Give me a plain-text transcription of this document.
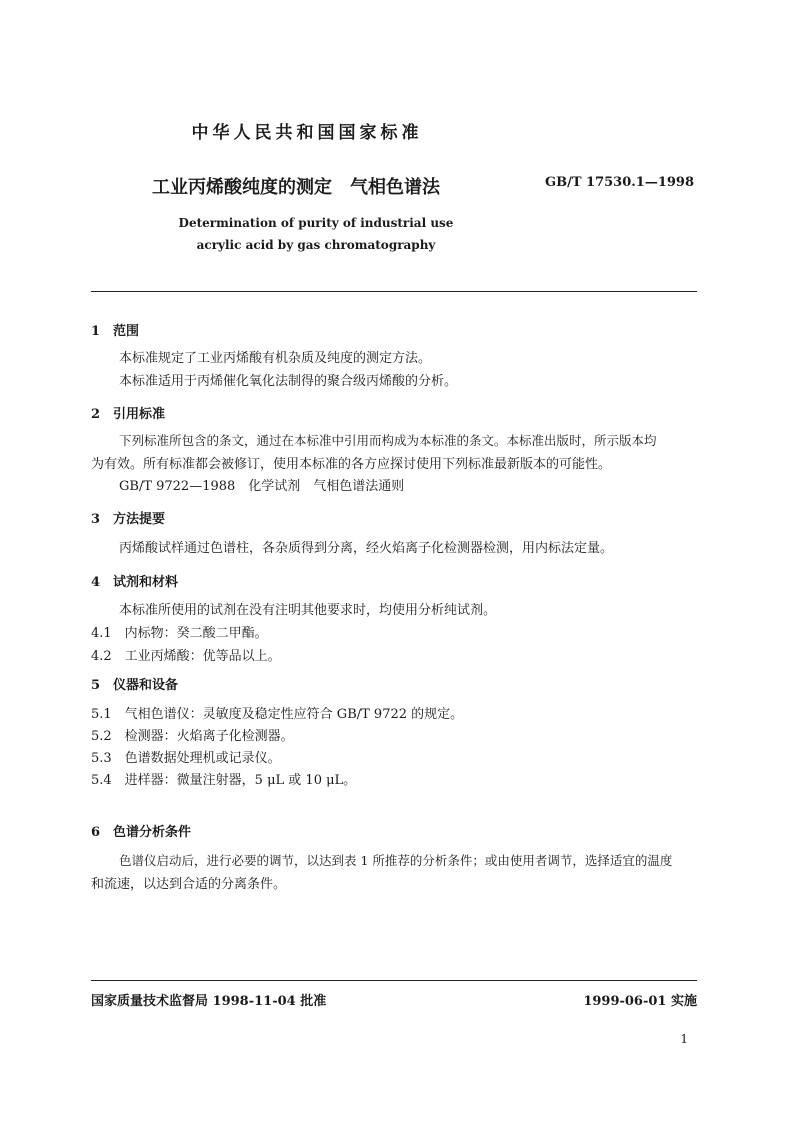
中华人民共和国国家标准
工业丙烯酸纯度的测定　气相色谱法	GB/T 17530.1—1998
Determination of purity of industrial use
acrylic acid by gas chromatography
1　范围
本标准规定了工业丙烯酸有机杂质及纯度的测定方法。
本标准适用于丙烯催化氧化法制得的聚合级丙烯酸的分析。
2　引用标准
下列标准所包含的条文，通过在本标准中引用而构成为本标准的条文。本标准出版时，所示版本均
为有效。所有标准都会被修订，使用本标准的各方应探讨使用下列标准最新版本的可能性。
GB/T 9722—1988　化学试剂　气相色谱法通则
3　方法提要
丙烯酸试样通过色谱柱，各杂质得到分离，经火焰离子化检测器检测，用内标法定量。
4　试剂和材料
本标准所使用的试剂在没有注明其他要求时，均使用分析纯试剂。
4.1　内标物：癸二酸二甲酯。
4.2　工业丙烯酸：优等品以上。
5　仪器和设备
5.1　气相色谱仪：灵敏度及稳定性应符合 GB/T 9722 的规定。
5.2　检测器：火焰离子化检测器。
5.3　色谱数据处理机或记录仪。
5.4　进样器：微量注射器，5 μL 或 10 μL。
6　色谱分析条件
色谱仪启动后，进行必要的调节，以达到表 1 所推荐的分析条件；或由使用者调节，选择适宜的温度
和流速，以达到合适的分离条件。
国家质量技术监督局 1998-11-04 批准	1999-06-01 实施
1
